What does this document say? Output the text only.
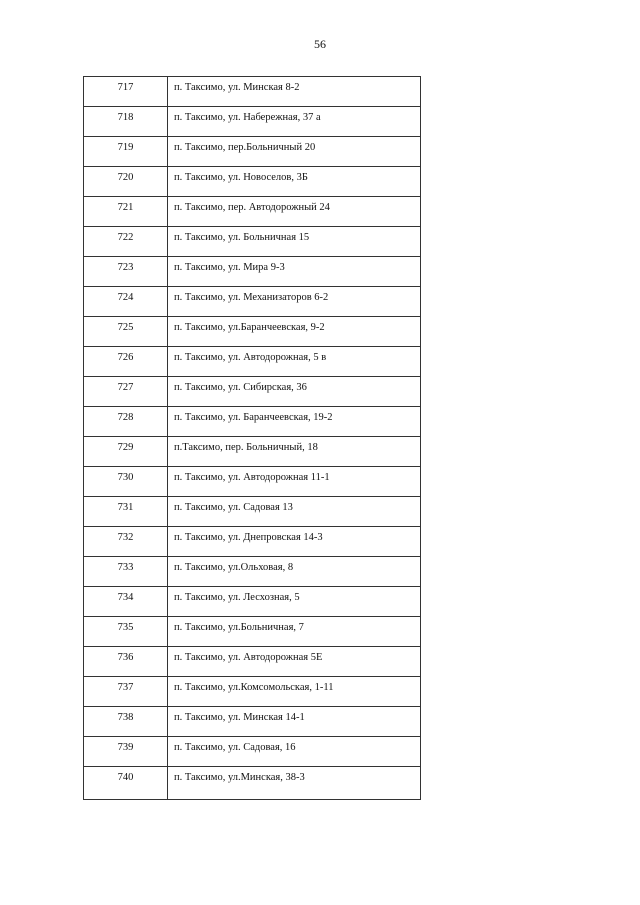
56
717	п. Таксимо, ул. Минская 8-2
718	п. Таксимо, ул. Набережная, 37 а
719	п. Таксимо, пер.Больничный 20
720	п. Таксимо, ул. Новоселов, 3Б
721	п. Таксимо, пер. Автодорожный 24
722	п. Таксимо, ул. Больничная 15
723	п. Таксимо, ул. Мира 9-3
724	п. Таксимо, ул. Механизаторов 6-2
725	п. Таксимо, ул.Баранчеевская, 9-2
726	п. Таксимо, ул. Автодорожная, 5 в
727	п. Таксимо, ул. Сибирская, 36
728	п. Таксимо, ул. Баранчеевская, 19-2
729	п.Таксимо, пер. Больничный, 18
730	п. Таксимо, ул. Автодорожная 11-1
731	п. Таксимо, ул. Садовая 13
732	п. Таксимо, ул. Днепровская 14-3
733	п. Таксимо, ул.Ольховая, 8
734	п. Таксимо, ул. Лесхозная, 5
735	п. Таксимо, ул.Больничная, 7
736	п. Таксимо, ул. Автодорожная 5Е
737	п. Таксимо, ул.Комсомольская, 1-11
738	п. Таксимо, ул. Минская 14-1
739	п. Таксимо, ул. Садовая, 16
740	п. Таксимо, ул.Минская, 38-3
